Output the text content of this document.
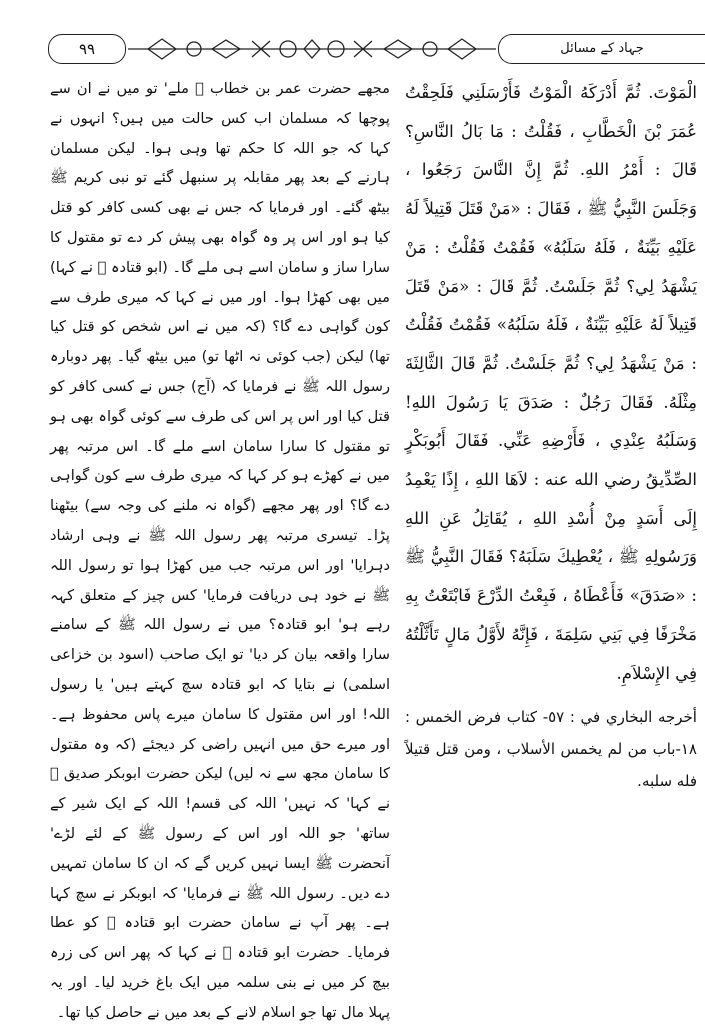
۹۹	جہاد کے مسائل

الْمَوْتَ. ثُمَّ أَدْرَكَهُ الْمَوْتُ فَأَرْسَلَنِي فَلَحِقْتُ عُمَرَ بْنَ الْخَطَّابِ ، فَقُلْتُ : مَا بَالُ النَّاسِ؟ قَالَ : أَمْرُ اللهِ. ثُمَّ إِنَّ النَّاسَ رَجَعُوا ، وَجَلَسَ النَّبِيُّ ﷺ ، فَقَالَ : «مَنْ قَتَلَ قَتِيلاً لَهُ عَلَيْهِ بَيِّنَةٌ ، فَلَهُ سَلَبُهُ» فَقُمْتُ فَقُلْتُ : مَنْ يَشْهَدُ لِي؟ ثُمَّ جَلَسْتُ. ثُمَّ قَالَ : «مَنْ قَتَلَ قَتِيلاً لَهُ عَلَيْهِ بَيِّنَةٌ ، فَلَهُ سَلَبُهُ» فَقُمْتُ فَقُلْتُ : مَنْ يَشْهَدُ لِي؟ ثُمَّ جَلَسْتُ. ثُمَّ قَالَ الثَّالِثَةَ مِثْلَهُ. فَقَالَ رَجُلٌ : صَدَقَ يَا رَسُولَ اللهِ! وَسَلَبُهُ عِنْدِي ، فَأَرْضِهِ عَنِّي. فَقَالَ أَبُوبَكْرٍ الصِّدِّيقُ رضي الله عنه : لاَهَا اللهِ ، إِذًا يَعْمِدُ إِلَى أَسَدٍ مِنْ أُسْدِ اللهِ ، يُقَاتِلُ عَنِ اللهِ وَرَسُولِهِ ﷺ ، يُعْطِيكَ سَلَبَهُ؟ فَقَالَ النَّبِيُّ ﷺ : «صَدَقَ» فَأَعْطَاهُ ، فَبِعْتُ الدِّرْعَ فَابْتَعْتُ بِهِ مَخْرَفًا فِي بَنِي سَلِمَةَ ، فَإِنَّهُ لأَوَّلُ مَالٍ تَأَثَّلْتُهُ فِي الإِسْلاَمِ.

أخرجه البخاري في : ٥٧- كتاب فرض الخمس : ١٨-باب من لم يخمس الأسلاب ، ومن قتل قتيلاً فله سلبه.

مجھے حضرت عمر بن خطاب ﷛ ملے' تو میں نے ان سے پوچھا کہ مسلمان اب کس حالت میں ہیں؟ انہوں نے کہا کہ جو اللہ کا حکم تھا وہی ہوا۔ لیکن مسلمان ہارنے کے بعد پھر مقابلہ پر سنبھل گئے تو نبی کریم ﷺ بیٹھ گئے۔ اور فرمایا کہ جس نے بھی کسی کافر کو قتل کیا ہو اور اس پر وہ گواہ بھی پیش کر دے تو مقتول کا سارا ساز و سامان اسے ہی ملے گا۔ (ابو قتادہ ﷛ نے کہا) میں بھی کھڑا ہوا۔ اور میں نے کہا کہ میری طرف سے کون گواہی دے گا؟ (کہ میں نے اس شخص کو قتل کیا تھا) لیکن (جب کوئی نہ اٹھا تو) میں بیٹھ گیا۔ پھر دوبارہ رسول اللہ ﷺ نے فرمایا کہ (آج) جس نے کسی کافر کو قتل کیا اور اس پر اس کی طرف سے کوئی گواہ بھی ہو تو مقتول کا سارا سامان اسے ملے گا۔ اس مرتبہ پھر میں نے کھڑے ہو کر کہا کہ میری طرف سے کون گواہی دے گا؟ اور پھر مجھے (گواہ نہ ملنے کی وجہ سے) بیٹھنا پڑا۔ تیسری مرتبہ پھر رسول اللہ ﷺ نے وہی ارشاد دہرایا' اور اس مرتبہ جب میں کھڑا ہوا تو رسول اللہ ﷺ نے خود ہی دریافت فرمایا' کس چیز کے متعلق کہہ رہے ہو' ابو قتادہ؟ میں نے رسول اللہ ﷺ کے سامنے سارا واقعہ بیان کر دیا' تو ایک صاحب (اسود بن خزاعی اسلمی) نے بتایا کہ ابو قتادہ سچ کہتے ہیں' یا رسول اللہ! اور اس مقتول کا سامان میرے پاس محفوظ ہے۔ اور میرے حق میں انہیں راضی کر دیجئے (کہ وہ مقتول کا سامان مجھ سے نہ لیں) لیکن حضرت ابوبکر صدیق ﷛ نے کہا' کہ نہیں' اللہ کی قسم! اللہ کے ایک شیر کے ساتھ' جو اللہ اور اس کے رسول ﷺ کے لئے لڑے' آنحضرت ﷺ ایسا نہیں کریں گے کہ ان کا سامان تمہیں دے دیں۔ رسول اللہ ﷺ نے فرمایا' کہ ابوبکر نے سچ کہا ہے۔ پھر آپ نے سامان حضرت ابو قتادہ ﷛ کو عطا فرمایا۔ حضرت ابو قتادہ ﷛ نے کہا کہ پھر اس کی زرہ بیچ کر میں نے بنی سلمہ میں ایک باغ خرید لیا۔ اور یہ پہلا مال تھا جو اسلام لانے کے بعد میں نے حاصل کیا تھا۔
